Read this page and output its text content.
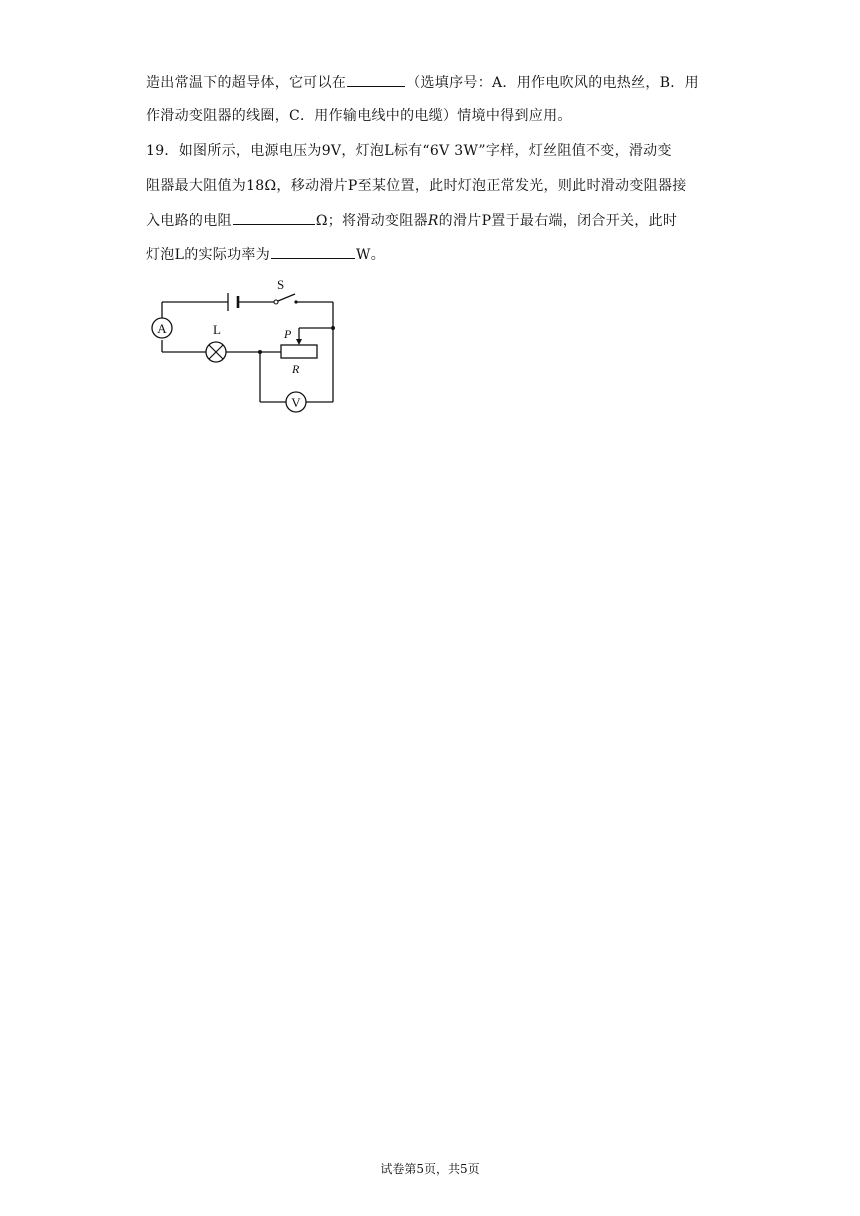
造出常温下的超导体，它可以在	（选填序号：A．用作电吹风的电热丝，B．用
作滑动变阻器的线圈，C．用作输电线中的电缆）情境中得到应用。
19．如图所示，电源电压为9V，灯泡L标有“6V 3W”字样，灯丝阻值不变，滑动变
阻器最大阻值为18Ω，移动滑片P至某位置，此时灯泡正常发光，则此时滑动变阻器接
入电路的电阻	Ω；将滑动变阻器R的滑片P置于最右端，闭合开关，此时
灯泡L的实际功率为	W。
S
A	L	P
R
V
试卷第5页，共5页
